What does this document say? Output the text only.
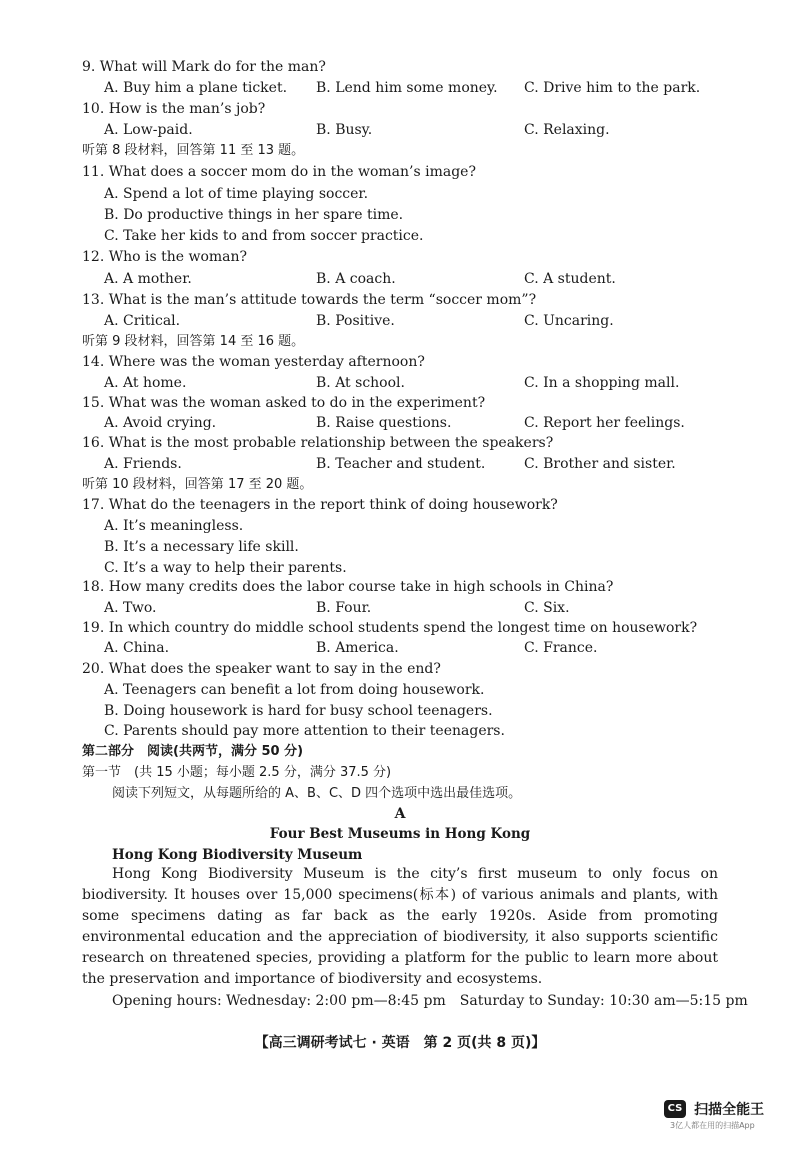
9. What will Mark do for the man?
A. Buy him a plane ticket. B. Lend him some money. C. Drive him to the park.
10. How is the man’s job?
A. Low-paid.	B. Busy.	C. Relaxing.
听第 8 段材料，回答第 11 至 13 题。
11. What does a soccer mom do in the woman’s image?
A. Spend a lot of time playing soccer.
B. Do productive things in her spare time.
C. Take her kids to and from soccer practice.
12. Who is the woman?
A. A mother.	B. A coach.	C. A student.
13. What is the man’s attitude towards the term “soccer mom”?
A. Critical.	B. Positive.	C. Uncaring.
听第 9 段材料，回答第 14 至 16 题。
14. Where was the woman yesterday afternoon?
A. At home.	B. At school.	C. In a shopping mall.
15. What was the woman asked to do in the experiment?
A. Avoid crying.	B. Raise questions.	C. Report her feelings.
16. What is the most probable relationship between the speakers?
A. Friends.	B. Teacher and student.	C. Brother and sister.
听第 10 段材料，回答第 17 至 20 题。
17. What do the teenagers in the report think of doing housework?
A. It’s meaningless.
B. It’s a necessary life skill.
C. It’s a way to help their parents.
18. How many credits does the labor course take in high schools in China?
A. Two.	B. Four.	C. Six.
19. In which country do middle school students spend the longest time on housework?
A. China.	B. America.	C. France.
20. What does the speaker want to say in the end?
A. Teenagers can benefit a lot from doing housework.
B. Doing housework is hard for busy school teenagers.
C. Parents should pay more attention to their teenagers.
第二部分　阅读(共两节，满分 50 分)
第一节　(共 15 小题；每小题 2.5 分，满分 37.5 分)
阅读下列短文，从每题所给的 A、B、C、D 四个选项中选出最佳选项。
A
Four Best Museums in Hong Kong
Hong Kong Biodiversity Museum
Hong Kong Biodiversity Museum is the city’s first museum to only focus on biodiversity. It houses over 15,000 specimens(标本) of various animals and plants, with some specimens dating as far back as the early 1920s. Aside from promoting environmental education and the appreciation of biodiversity, it also supports scientific research on threatened species, providing a platform for the public to learn more about the preservation and importance of biodiversity and ecosystems.
Opening hours: Wednesday: 2:00 pm—8:45 pm　Saturday to Sunday: 10:30 am—5:15 pm
【高三调研考试七 · 英语　第 2 页(共 8 页)】
CS 扫描全能王
3亿人都在用的扫描App
